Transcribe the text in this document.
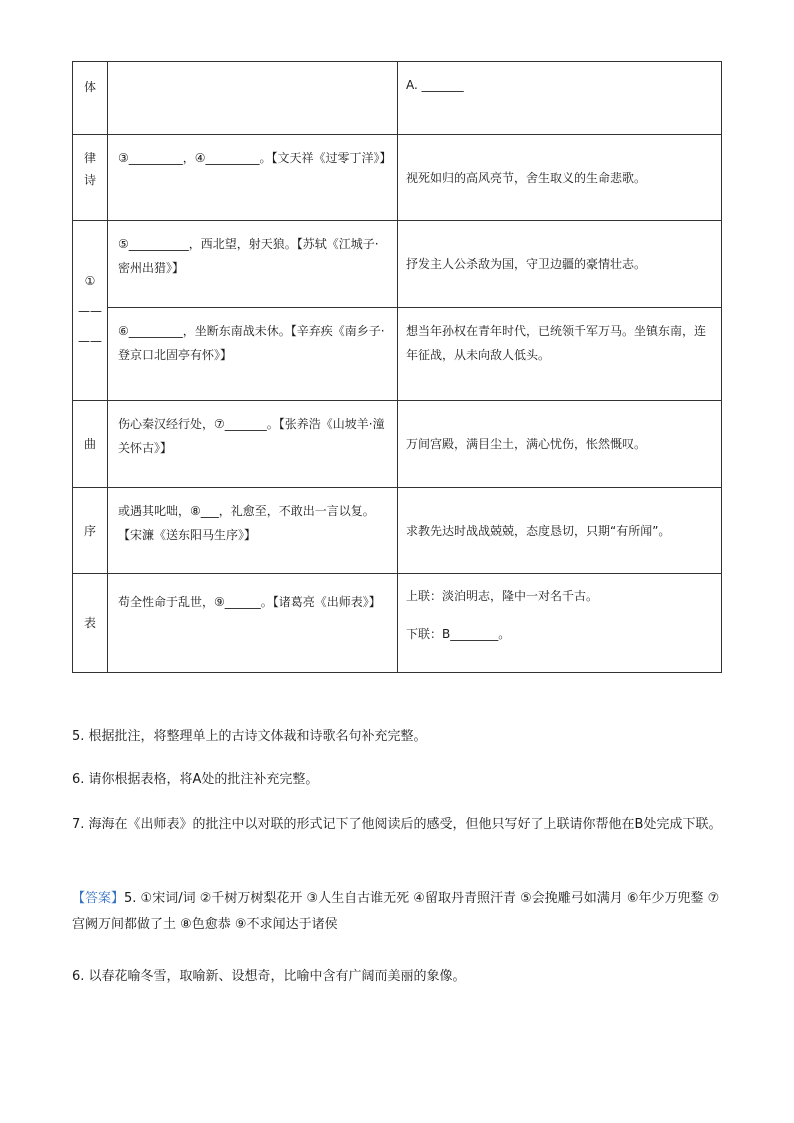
体		A. _______

律
诗	③_________，④_________。【文天祥《过零丁洋》】	视死如归的高风亮节，舍生取义的生命悲歌。

①
——
——	⑤__________，西北望，射天狼。【苏轼《江城子·密州出猎》】	抒发主人公杀敌为国，守卫边疆的豪情壮志。

	⑥_________，坐断东南战未休。【辛弃疾《南乡子·登京口北固亭有怀》】	想当年孙权在青年时代，已统领千军万马。坐镇东南，连年征战，从未向敌人低头。

曲	伤心秦汉经行处，⑦_______。【张养浩《山坡羊·潼关怀古》】	万间宫殿，满目尘土，满心忧伤，怅然慨叹。

序	或遇其叱咄，⑧___，礼愈至，不敢出一言以复。【宋濂《送东阳马生序》】	求教先达时战战兢兢，态度恳切，只期“有所闻”。

表	苟全性命于乱世，⑨______。【诸葛亮《出师表》】	上联：淡泊明志，隆中一对名千古。
下联：B________。
5. 根据批注，将整理单上的古诗文体裁和诗歌名句补充完整。
6. 请你根据表格，将A处的批注补充完整。
7. 海海在《出师表》的批注中以对联的形式记下了他阅读后的感受，但他只写好了上联请你帮他在B处完成下联。
【答案】5. ①宋词/词 ②千树万树梨花开 ③人生自古谁无死 ④留取丹青照汗青 ⑤会挽雕弓如满月 ⑥年少万兜鍪 ⑦宫阙万间都做了土 ⑧色愈恭 ⑨不求闻达于诸侯
6. 以春花喻冬雪，取喻新、设想奇，比喻中含有广阔而美丽的象像。
